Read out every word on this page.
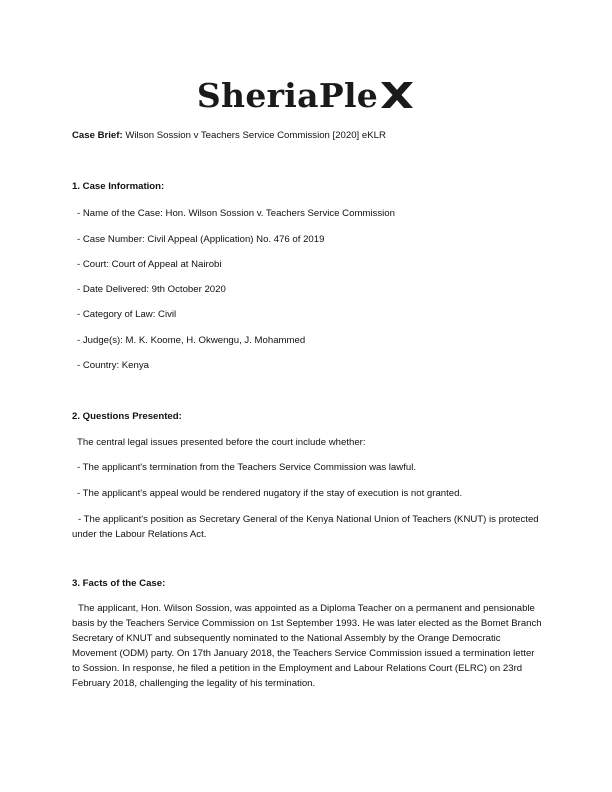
SheriaPle
Case Brief: Wilson Sossion v Teachers Service Commission [2020] eKLR
1. Case Information:
- Name of the Case: Hon. Wilson Sossion v. Teachers Service Commission
- Case Number: Civil Appeal (Application) No. 476 of 2019
- Court: Court of Appeal at Nairobi
- Date Delivered: 9th October 2020
- Category of Law: Civil
- Judge(s): M. K. Koome, H. Okwengu, J. Mohammed
- Country: Kenya
2. Questions Presented:
The central legal issues presented before the court include whether:
- The applicant's termination from the Teachers Service Commission was lawful.
- The applicant's appeal would be rendered nugatory if the stay of execution is not granted.
- The applicant's position as Secretary General of the Kenya National Union of Teachers (KNUT) is protected under the Labour Relations Act.
3. Facts of the Case:
The applicant, Hon. Wilson Sossion, was appointed as a Diploma Teacher on a permanent and pensionable basis by the Teachers Service Commission on 1st September 1993. He was later elected as the Bomet Branch Secretary of KNUT and subsequently nominated to the National Assembly by the Orange Democratic Movement (ODM) party. On 17th January 2018, the Teachers Service Commission issued a termination letter to Sossion. In response, he filed a petition in the Employment and Labour Relations Court (ELRC) on 23rd February 2018, challenging the legality of his termination.
